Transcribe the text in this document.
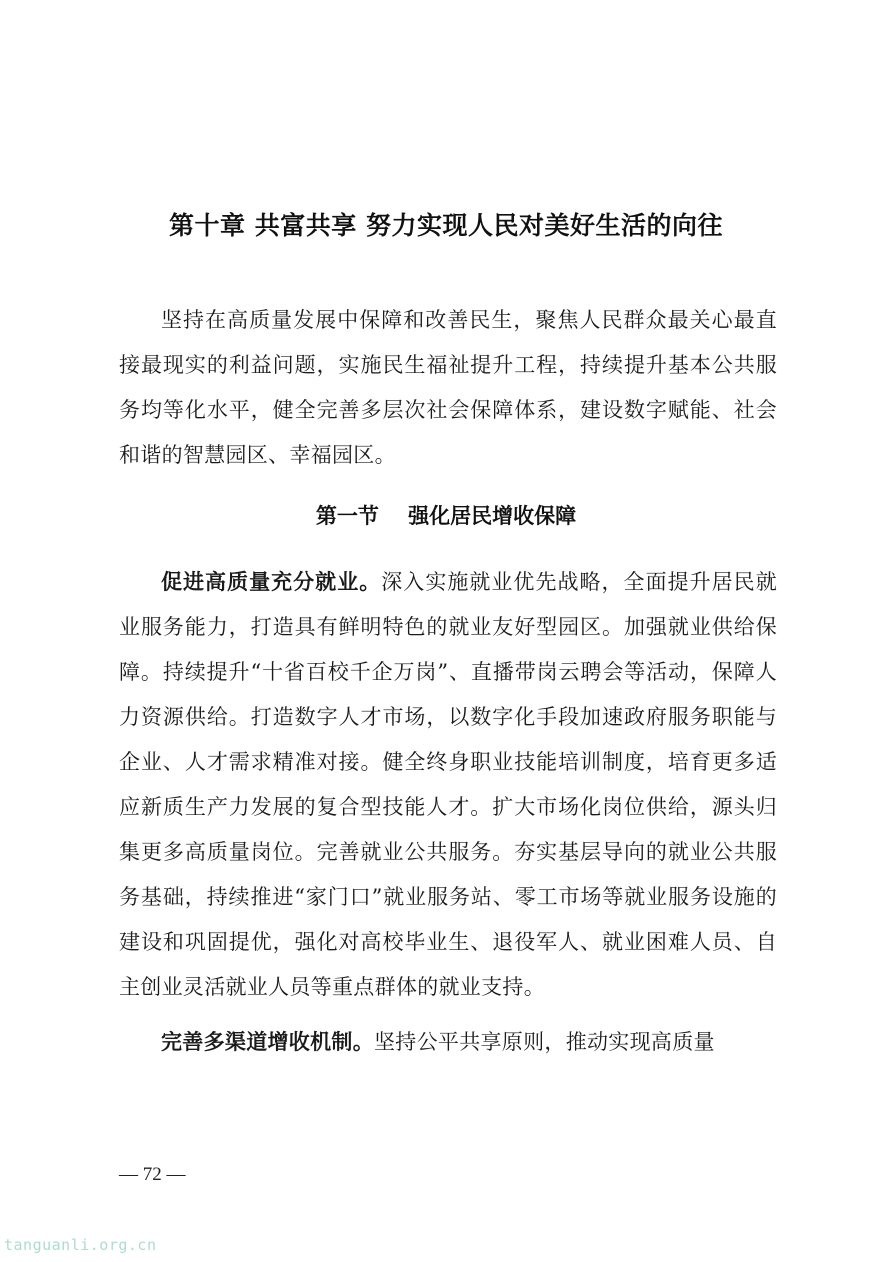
第十章 共富共享 努力实现人民对美好生活的向往

坚持在高质量发展中保障和改善民生，聚焦人民群众最关心最直接最现实的利益问题，实施民生福祉提升工程，持续提升基本公共服务均等化水平，健全完善多层次社会保障体系，建设数字赋能、社会和谐的智慧园区、幸福园区。

第一节    强化居民增收保障

促进高质量充分就业。深入实施就业优先战略，全面提升居民就业服务能力，打造具有鲜明特色的就业友好型园区。加强就业供给保障。持续提升“十省百校千企万岗”、直播带岗云聘会等活动，保障人力资源供给。打造数字人才市场，以数字化手段加速政府服务职能与企业、人才需求精准对接。健全终身职业技能培训制度，培育更多适应新质生产力发展的复合型技能人才。扩大市场化岗位供给，源头归集更多高质量岗位。完善就业公共服务。夯实基层导向的就业公共服务基础，持续推进“家门口”就业服务站、零工市场等就业服务设施的建设和巩固提优，强化对高校毕业生、退役军人、就业困难人员、自主创业灵活就业人员等重点群体的就业支持。

完善多渠道增收机制。坚持公平共享原则，推动实现高质量

— 72 —
tanguanli.org.cn
